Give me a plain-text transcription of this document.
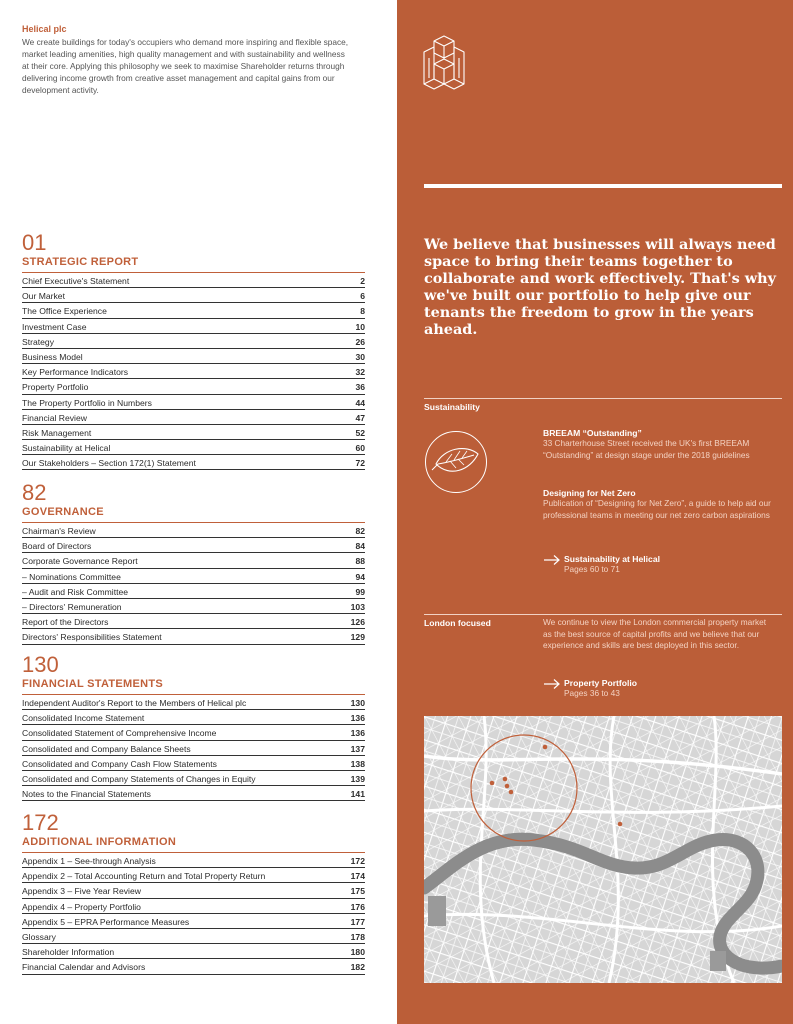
Helical plc
We create buildings for today's occupiers who demand more inspiring and flexible space, market leading amenities, high quality management and with sustainability and wellness at their core. Applying this philosophy we seek to maximise Shareholder returns through delivering income growth from creative asset management and capital gains from our development activity.
01
STRATEGIC REPORT
Chief Executive's Statement	2
Our Market	6
The Office Experience	8
Investment Case	10
Strategy	26
Business Model	30
Key Performance Indicators	32
Property Portfolio	36
The Property Portfolio in Numbers	44
Financial Review	47
Risk Management	52
Sustainability at Helical	60
Our Stakeholders – Section 172(1) Statement	72
82
GOVERNANCE
Chairman's Review	82
Board of Directors	84
Corporate Governance Report	88
– Nominations Committee	94
– Audit and Risk Committee	99
– Directors' Remuneration	103
Report of the Directors	126
Directors' Responsibilities Statement	129
130
FINANCIAL STATEMENTS
Independent Auditor's Report to the Members of Helical plc	130
Consolidated Income Statement	136
Consolidated Statement of Comprehensive Income	136
Consolidated and Company Balance Sheets	137
Consolidated and Company Cash Flow Statements	138
Consolidated and Company Statements of Changes in Equity	139
Notes to the Financial Statements	141
172
ADDITIONAL INFORMATION
Appendix 1 – See-through Analysis	172
Appendix 2 – Total Accounting Return and Total Property Return	174
Appendix 3 – Five Year Review	175
Appendix 4 – Property Portfolio	176
Appendix 5 – EPRA Performance Measures	177
Glossary	178
Shareholder Information	180
Financial Calendar and Advisors	182
We believe that businesses will always need space to bring their teams together to collaborate and work effectively. That's why we've built our portfolio to help give our tenants the freedom to grow in the years ahead.
Sustainability
BREEAM “Outstanding”
33 Charterhouse Street received the UK's first BREEAM “Outstanding” at design stage under the 2018 guidelines
Designing for Net Zero
Publication of “Designing for Net Zero”, a guide to help aid our professional teams in meeting our net zero carbon aspirations
Sustainability at Helical
Pages 60 to 71
London focused	We continue to view the London commercial property market as the best source of capital profits and we believe that our experience and skills are best deployed in this sector.
Property Portfolio
Pages 36 to 43
